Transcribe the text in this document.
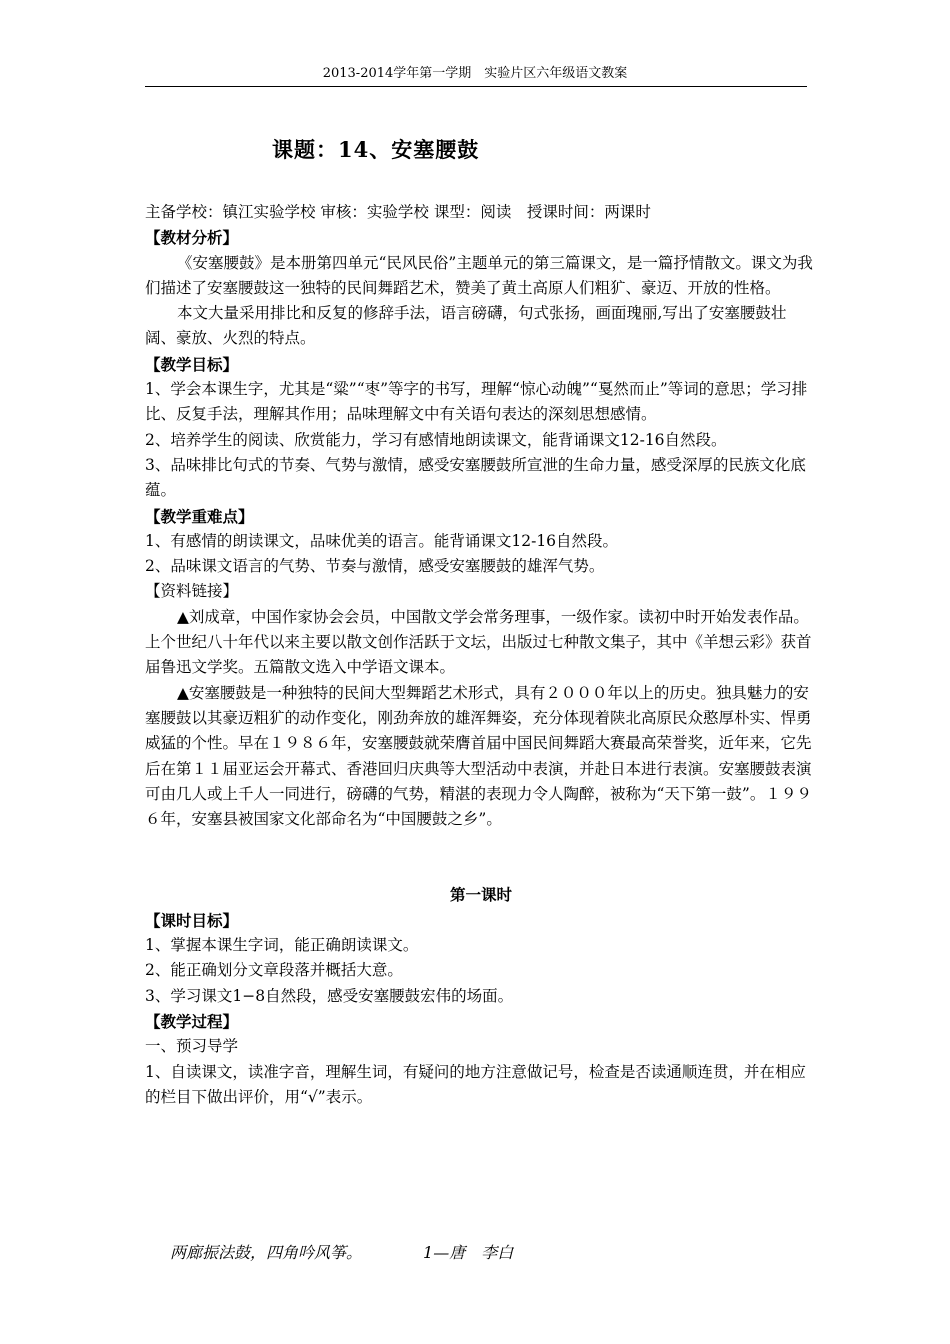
2013-2014学年第一学期　实验片区六年级语文教案
课题：14、安塞腰鼓

主备学校：镇江实验学校 审核：实验学校 课型：阅读　授课时间：两课时

【教材分析】

《安塞腰鼓》是本册第四单元“民风民俗”主题单元的第三篇课文，是一篇抒情散文。课文为我们描述了安塞腰鼓这一独特的民间舞蹈艺术，赞美了黄土高原人们粗犷、豪迈、开放的性格。

本文大量采用排比和反复的修辞手法，语言磅礴，句式张扬，画面瑰丽,写出了安塞腰鼓壮阔、豪放、火烈的特点。

【教学目标】

1、学会本课生字，尤其是“粱”“枣”等字的书写，理解“惊心动魄”“戛然而止”等词的意思；学习排比、反复手法，理解其作用；品味理解文中有关语句表达的深刻思想感情。

2、培养学生的阅读、欣赏能力，学习有感情地朗读课文，能背诵课文12-16自然段。

3、品味排比句式的节奏、气势与激情，感受安塞腰鼓所宣泄的生命力量，感受深厚的民族文化底蕴。

【教学重难点】

1、有感情的朗读课文，品味优美的语言。能背诵课文12-16自然段。

2、品味课文语言的气势、节奏与激情，感受安塞腰鼓的雄浑气势。

【资料链接】

▲刘成章，中国作家协会会员，中国散文学会常务理事，一级作家。读初中时开始发表作品。上个世纪八十年代以来主要以散文创作活跃于文坛，出版过七种散文集子，其中《羊想云彩》获首届鲁迅文学奖。五篇散文选入中学语文课本。

▲安塞腰鼓是一种独特的民间大型舞蹈艺术形式，具有２０００年以上的历史。独具魅力的安塞腰鼓以其豪迈粗犷的动作变化，刚劲奔放的雄浑舞姿，充分体现着陕北高原民众憨厚朴实、悍勇威猛的个性。早在１９８６年，安塞腰鼓就荣膺首届中国民间舞蹈大赛最高荣誉奖，近年来，它先后在第１１届亚运会开幕式、香港回归庆典等大型活动中表演，并赴日本进行表演。安塞腰鼓表演可由几人或上千人一同进行，磅礴的气势，精湛的表现力令人陶醉，被称为“天下第一鼓”。１９９６年，安塞县被国家文化部命名为“中国腰鼓之乡”。

第一课时

【课时目标】

1、掌握本课生字词，能正确朗读课文。

2、能正确划分文章段落并概括大意。

3、学习课文1−8自然段，感受安塞腰鼓宏伟的场面。

【教学过程】

一、预习导学

1、自读课文，读准字音，理解生词，有疑问的地方注意做记号，检查是否读通顺连贯，并在相应的栏目下做出评价，用“√”表示。

两廊振法鼓，四角吟风筝。	1—唐　李白
